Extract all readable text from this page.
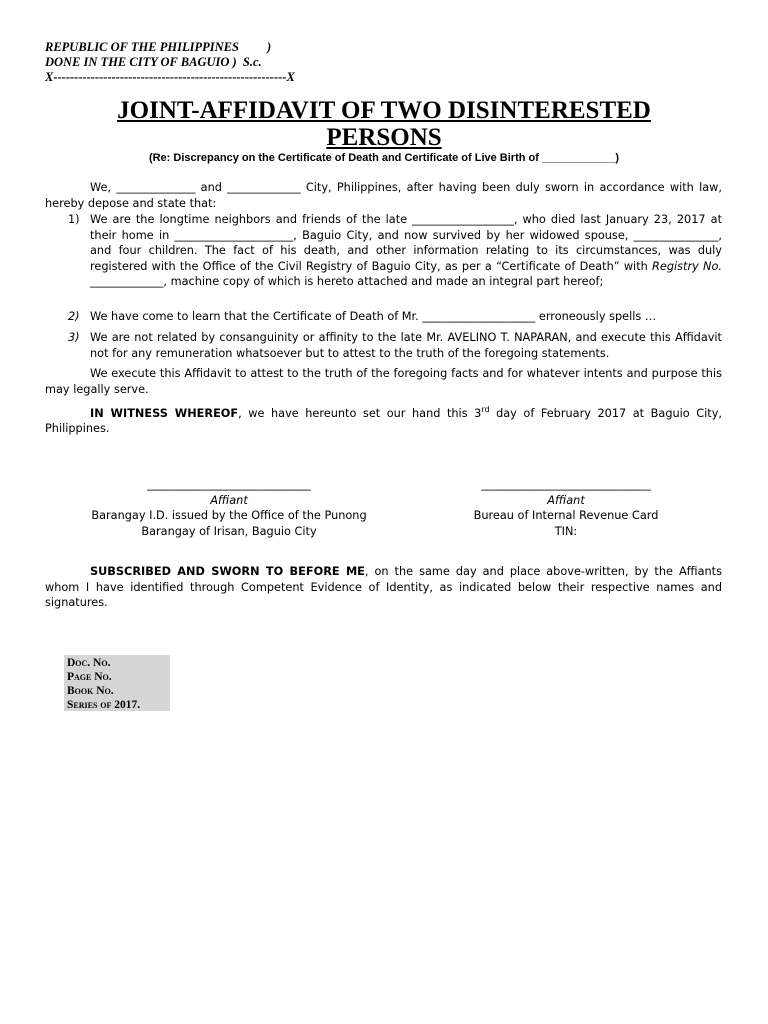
REPUBLIC OF THE PHILIPPINES         )
DONE IN THE CITY OF BAGUIO )  S.c.
X--------------------------------------------------------X
JOINT-AFFIDAVIT OF TWO DISINTERESTED
PERSONS
(Re: Discrepancy on the Certificate of Death and Certificate of Live Birth of ____________)
We, ______________ and _____________ City, Philippines, after having been duly sworn in accordance with law, hereby depose and state that:
1) We are the longtime neighbors and friends of the late __________________, who died last January 23, 2017 at their home in _____________________, Baguio City, and now survived by her widowed spouse, _______________, and four children. The fact of his death, and other information relating to its circumstances, was duly registered with the Office of the Civil Registry of Baguio City, as per a “Certificate of Death” with Registry No. _____________, machine copy of which is hereto attached and made an integral part hereof;
2) We have come to learn that the Certificate of Death of Mr. ____________________ erroneously spells …
3) We are not related by consanguinity or affinity to the late Mr. AVELINO T. NAPARAN, and execute this Affidavit not for any remuneration whatsoever but to attest to the truth of the foregoing statements.
We execute this Affidavit to attest to the truth of the foregoing facts and for whatever intents and purpose this may legally serve.
IN WITNESS WHEREOF, we have hereunto set our hand this 3rd day of February 2017 at Baguio City, Philippines.
_____________________________
Affiant
Barangay I.D. issued by the Office of the Punong
Barangay of Irisan, Baguio City
______________________________
Affiant
Bureau of Internal Revenue Card
TIN:
SUBSCRIBED AND SWORN TO BEFORE ME, on the same day and place above-written, by the Affiants whom I have identified through Competent Evidence of Identity, as indicated below their respective names and signatures.
Doc. No.
Page No.
Book No.
Series of 2017.
